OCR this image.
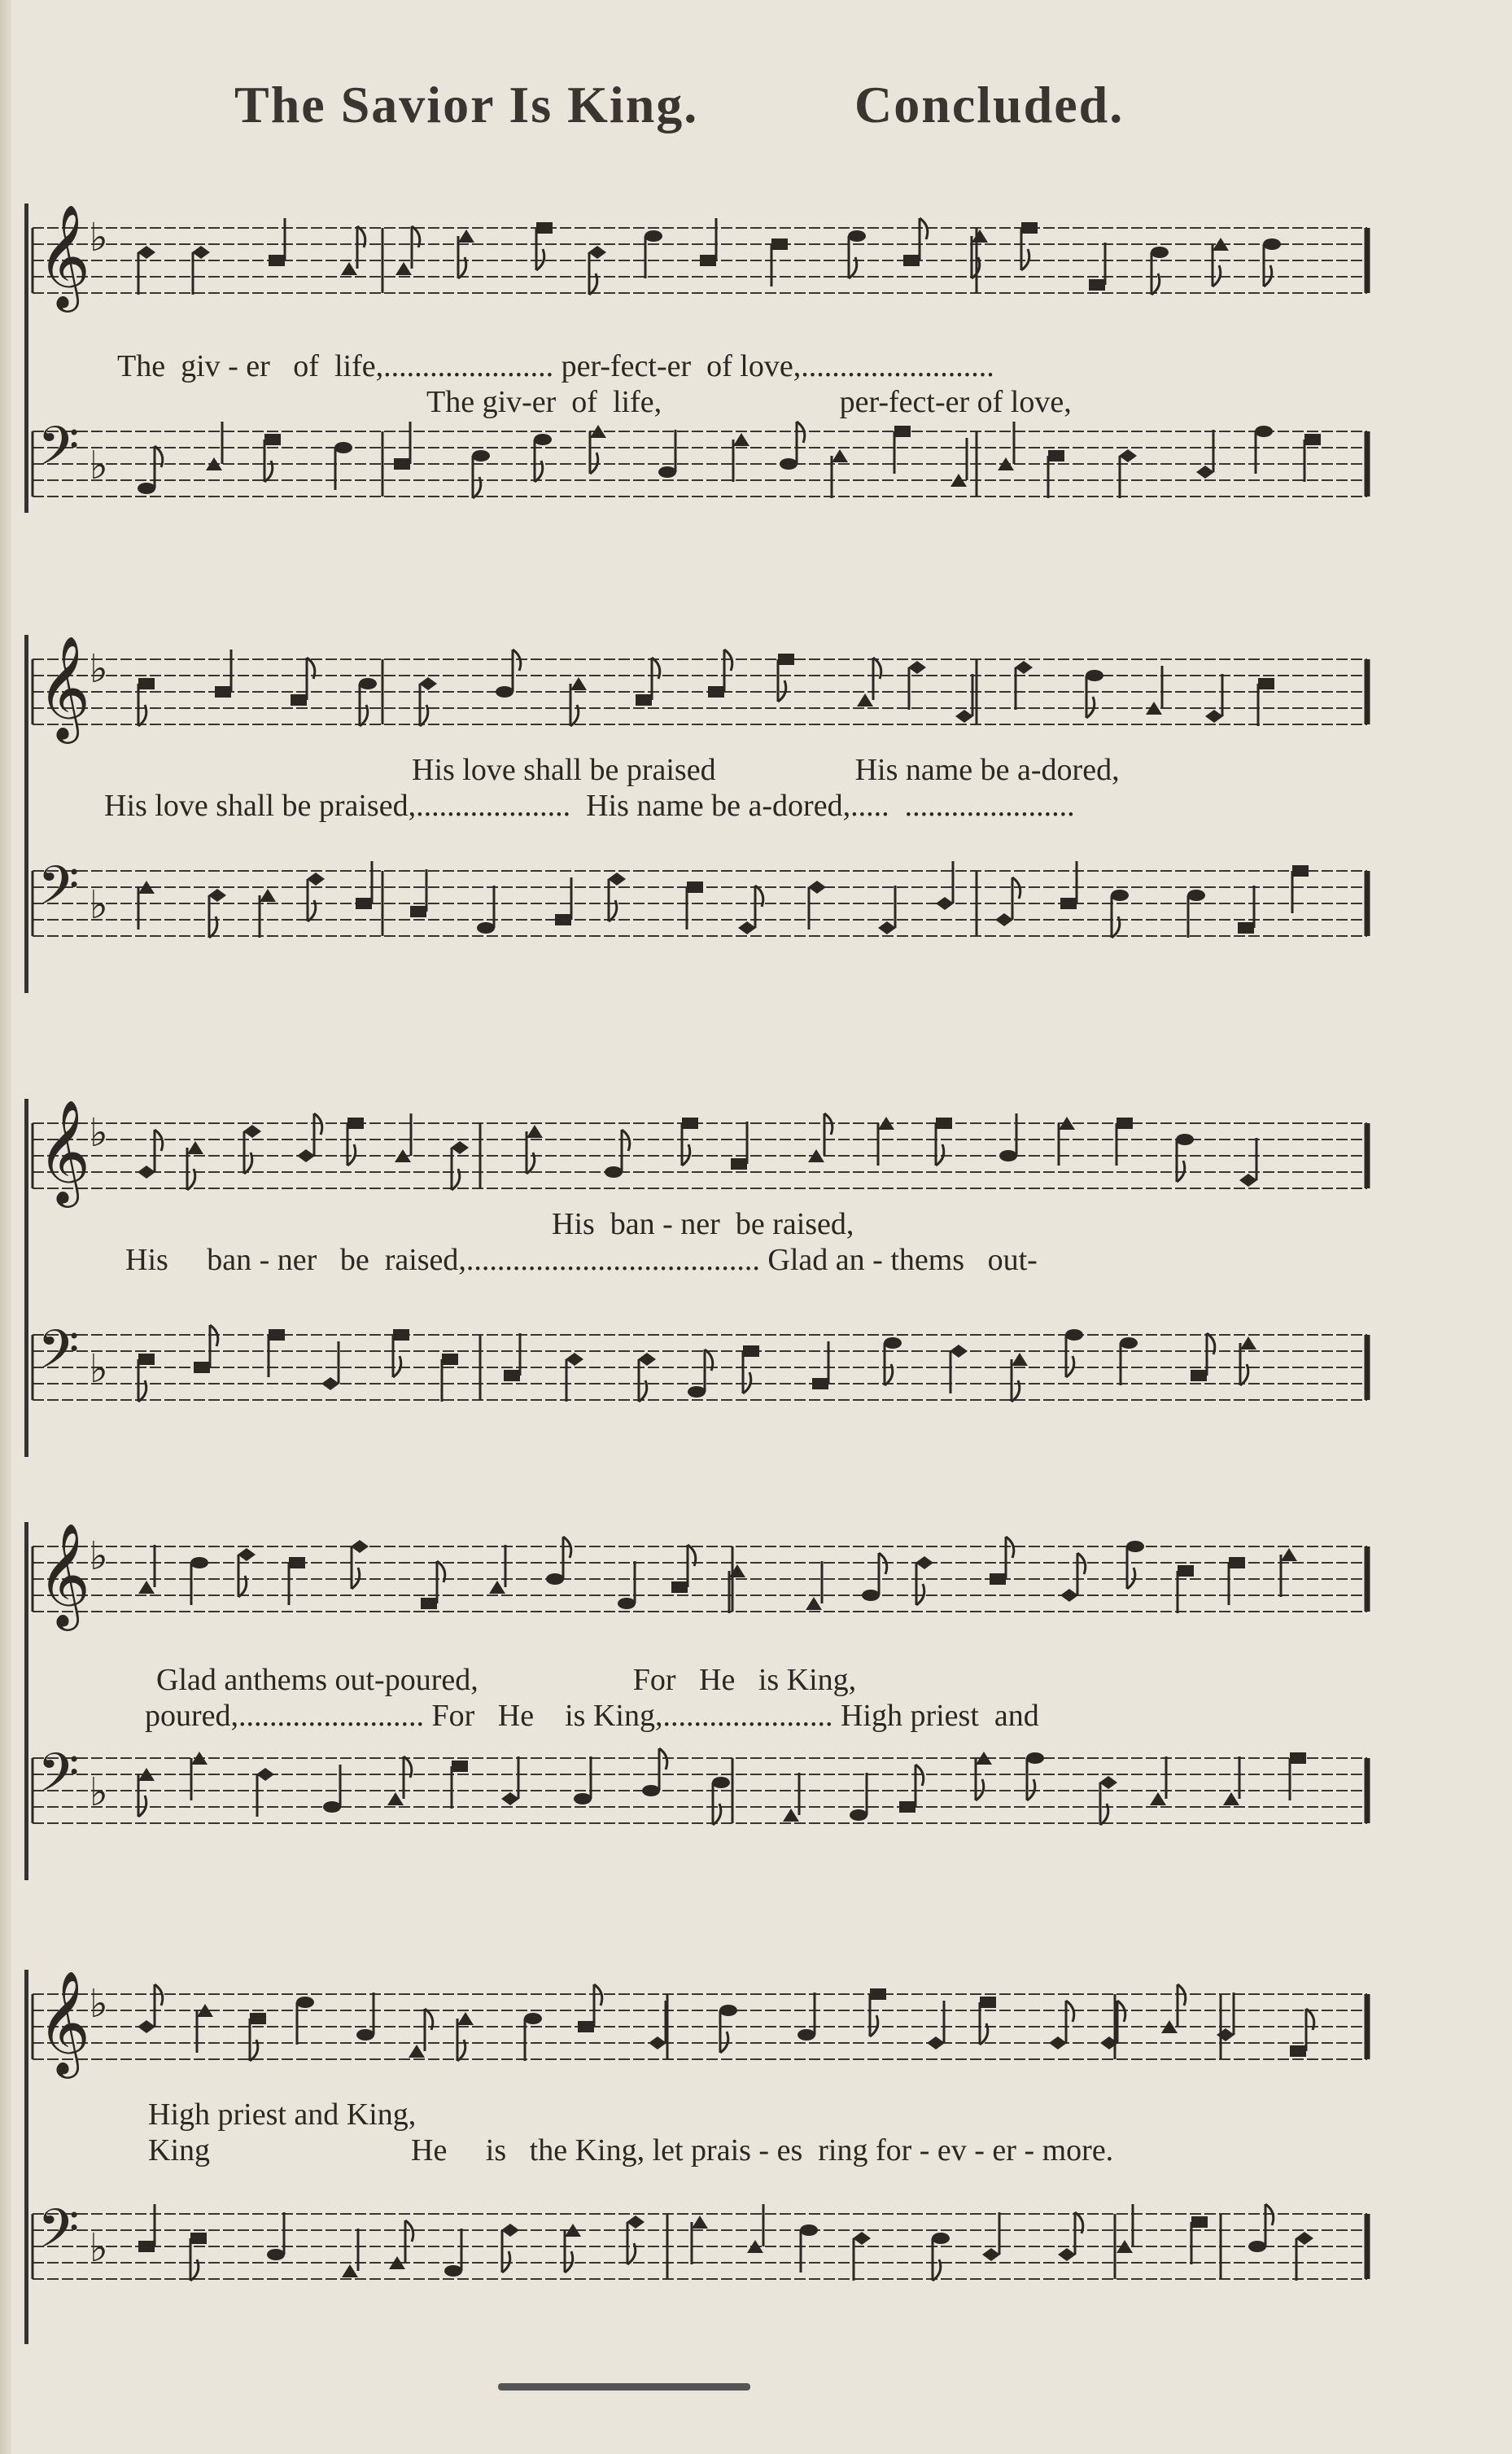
The Savior Is King.	Concluded.
𝄞
♭
𝄢 ♭
The  giv - er   of  life,...................... per-fect-er  of love,.........................
The giv-er  of  life,                       per-fect-er of love,
𝄞
♭
𝄢 ♭
His love shall be praised                  His name be a-dored,
His love shall be praised,....................  His name be a-dored,.....  ......................
𝄞
♭
𝄢 ♭
His  ban - ner  be raised,
His     ban - ner   be  raised,...................................... Glad an - thems   out-
𝄞
♭
𝄢 ♭
Glad anthems out-poured,                    For   He   is King,
poured,........................ For   He    is King,...................... High priest  and
𝄞
♭
𝄢 ♭
High priest and King,
King                          He     is   the King, let prais - es  ring for - ev - er - more.
